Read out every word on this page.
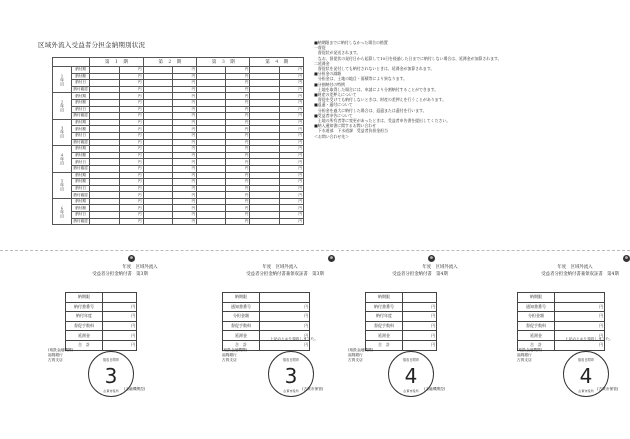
区域外流入受益者分担金納期別状況
		第　１　期		第　２　期		第　３　期		第　４　期	
１年目	納付期		円		円		円		円
	納付額		円		円		円		円
	納付日		円		円		円		円
	納付確認		円		円		円		円
２年目	納付期		円		円		円		円
	納付額		円		円		円		円
	納付日		円		円		円		円
	納付確認		円		円		円		円
３年目	納付期		円		円		円		円
	納付額		円		円		円		円
	納付日		円		円		円		円
	納付確認		円		円		円		円
４年目	納付期		円		円		円		円
	納付額		円		円		円		円
	納付日		円		円		円		円
	納付確認		円		円		円		円
５年目	納付期		円		円		円		円
	納付額		円		円		円		円
	納付日		円		円		円		円
	納付確認		円		円		円		円
６年目	納付期		円		円		円		円
	納付額		円		円		円		円
	納付日		円		円		円		円
	納付確認		円		円		円		円

■納期限までに納付しなかった場合の措置

一督促

　督促状が発送されます。

　なお、督促状の発付日から起算して10日を経過した日までに納付しない場合は、延滞金が加算されます。

二延滞金

　督促状を発付しても納付されないときは、延滞金が加算されます。

■分担金の減額

　分担金は、土地の地目・面積等により異なります。

■分割納付の特例

　土地を取得した場合には、申請により分割納付することができます。

■財産の差押えについて

　督促を受けても納付しないときは、財産の差押えを行うことがあります。

■返還・還付について

　分担金を過大に納付した場合は、返還または還付を行います。

■受益者申告について

　土地の所有者等に変更があったときは、受益者申告書を提出してください。

■納入通知書に関するお問い合わせ

　下水道部　下水道課　受益者負担金担当

＜お問い合わせ先＞

⊕
年度　区域外流入
受益者分担金納付書　第3期
納期限	
納付書番号	円
納付年度	円
督促手数料	円
延滞金	円
合　計	円
(取扱金融機関)
福岡銀行
古賀支店	領収日附印
3
古賀市役所	(金融機関控)
⊕
年度　区域外流入
受益者分担金納付書兼領収証書　第3期
納期限	
通知書番号	円
分担金額	円
督促手数料	円
延滞金	円
合　計	円
上記のとおり領収しました。
(取扱金融機関)
福岡銀行
古賀支店	領収日附印
3
古賀市役所 (古賀市保管)
⊕
年度　区域外流入
受益者分担金納付書　第4期
納期限	
納付書番号	円
納付年度	円
督促手数料	円
延滞金	円
合　計	円
(取扱金融機関)
福岡銀行
古賀支店	領収日附印
4
古賀市役所	(金融機関控)
⊕
年度　区域外流入
受益者分担金納付書兼領収証書　第4期
納期限	
通知書番号	円
分担金額	円
督促手数料	円
延滞金	円
合　計	円
上記のとおり領収しました。
(取扱金融機関)
福岡銀行
古賀支店	領収日附印
4
古賀市役所 (古賀市保管)
